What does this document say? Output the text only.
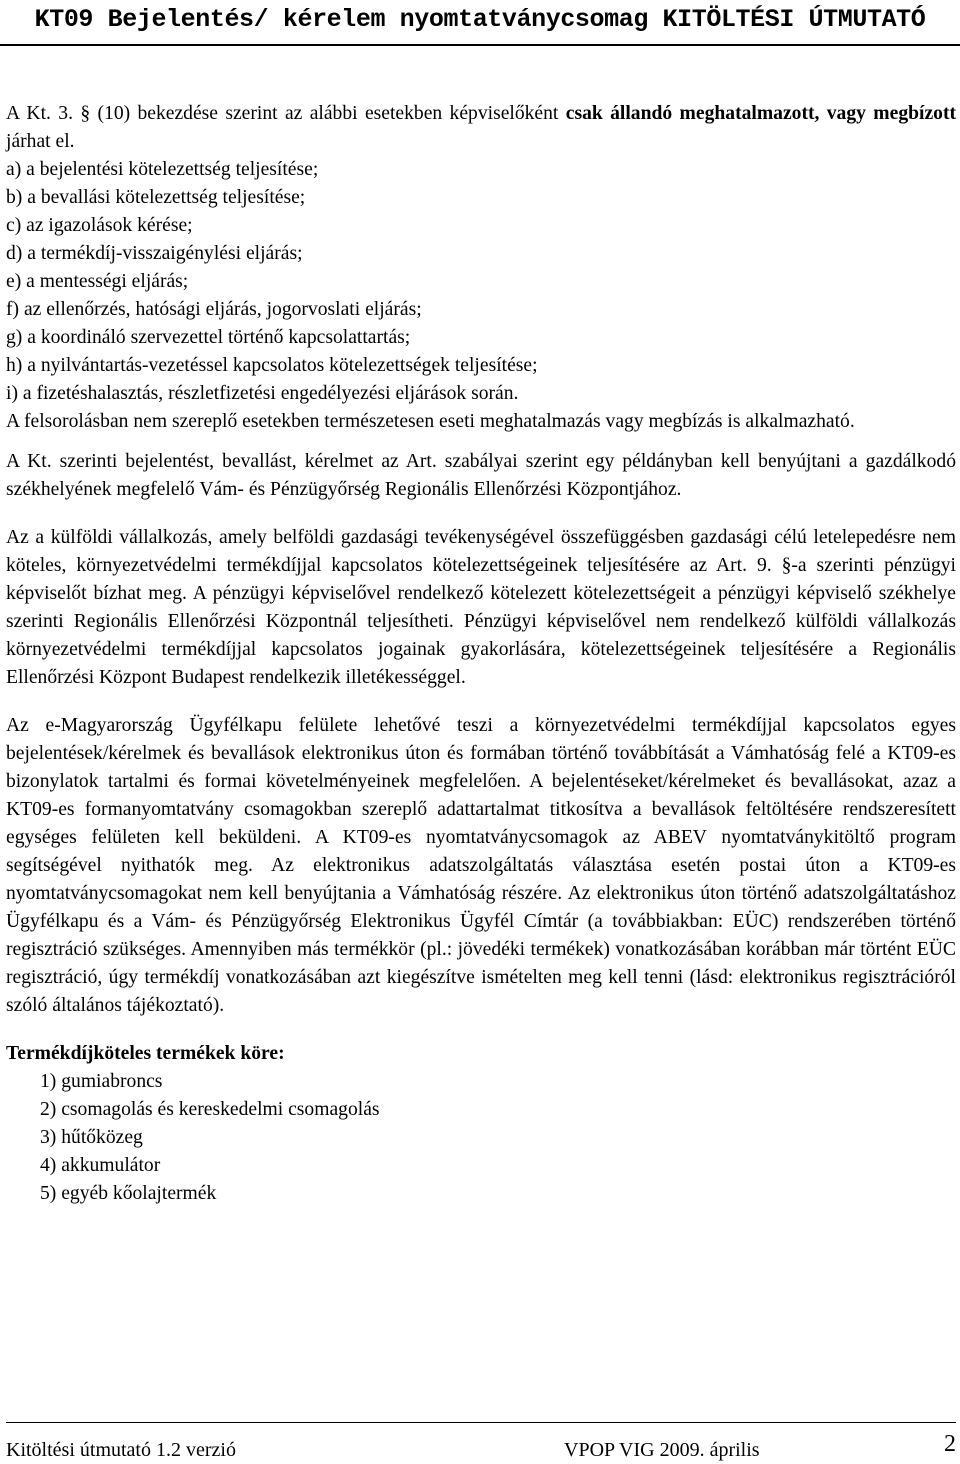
KT09 Bejelentés/ kérelem nyomtatványcsomag KITÖLTÉSI ÚTMUTATÓ

A Kt. 3. § (10) bekezdése szerint az alábbi esetekben képviselőként csak állandó meghatalmazott, vagy megbízott járhat el.

a) a bejelentési kötelezettség teljesítése;
b) a bevallási kötelezettség teljesítése;
c) az igazolások kérése;
d) a termékdíj-visszaigénylési eljárás;
e) a mentességi eljárás;
f) az ellenőrzés, hatósági eljárás, jogorvoslati eljárás;
g) a koordináló szervezettel történő kapcsolattartás;
h) a nyilvántartás-vezetéssel kapcsolatos kötelezettségek teljesítése;
i) a fizetéshalasztás, részletfizetési engedélyezési eljárások során.

A felsorolásban nem szereplő esetekben természetesen eseti meghatalmazás vagy megbízás is alkalmazható.

A Kt. szerinti bejelentést, bevallást, kérelmet az Art. szabályai szerint egy példányban kell benyújtani a gazdálkodó székhelyének megfelelő Vám- és Pénzügyőrség Regionális Ellenőrzési Központjához.

Az a külföldi vállalkozás, amely belföldi gazdasági tevékenységével összefüggésben gazdasági célú letelepedésre nem köteles, környezetvédelmi termékdíjjal kapcsolatos kötelezettségeinek teljesítésére az Art. 9. §-a szerinti pénzügyi képviselőt bízhat meg. A pénzügyi képviselővel rendelkező kötelezett kötelezettségeit a pénzügyi képviselő székhelye szerinti Regionális Ellenőrzési Központnál teljesítheti. Pénzügyi képviselővel nem rendelkező külföldi vállalkozás környezetvédelmi termékdíjjal kapcsolatos jogainak gyakorlására, kötelezettségeinek teljesítésére a Regionális Ellenőrzési Központ Budapest rendelkezik illetékességgel.

Az e-Magyarország Ügyfélkapu felülete lehetővé teszi a környezetvédelmi termékdíjjal kapcsolatos egyes bejelentések/kérelmek és bevallások elektronikus úton és formában történő továbbítását a Vámhatóság felé a KT09-es bizonylatok tartalmi és formai követelményeinek megfelelően. A bejelentéseket/kérelmeket és bevallásokat, azaz a KT09-es formanyomtatvány csomagokban szereplő adattartalmat titkosítva a bevallások feltöltésére rendszeresített egységes felületen kell beküldeni. A KT09-es nyomtatványcsomagok az ABEV nyomtatványkitöltő program segítségével nyithatók meg. Az elektronikus adatszolgáltatás választása esetén postai úton a KT09-es nyomtatványcsomagokat nem kell benyújtania a Vámhatóság részére. Az elektronikus úton történő adatszolgáltatáshoz Ügyfélkapu és a Vám- és Pénzügyőrség Elektronikus Ügyfél Címtár (a továbbiakban: EÜC) rendszerében történő regisztráció szükséges. Amennyiben más termékkör (pl.: jövedéki termékek) vonatkozásában korábban már történt EÜC regisztráció, úgy termékdíj vonatkozásában azt kiegészítve ismételten meg kell tenni (lásd: elektronikus regisztrációról szóló általános tájékoztató).

Termékdíjköteles termékek köre:
1) gumiabroncs
2) csomagolás és kereskedelmi csomagolás
3) hűtőközeg
4) akkumulátor
5) egyéb kőolajtermék
Kitöltési útmutató 1.2 verzió	VPOP VIG 2009. április	2
